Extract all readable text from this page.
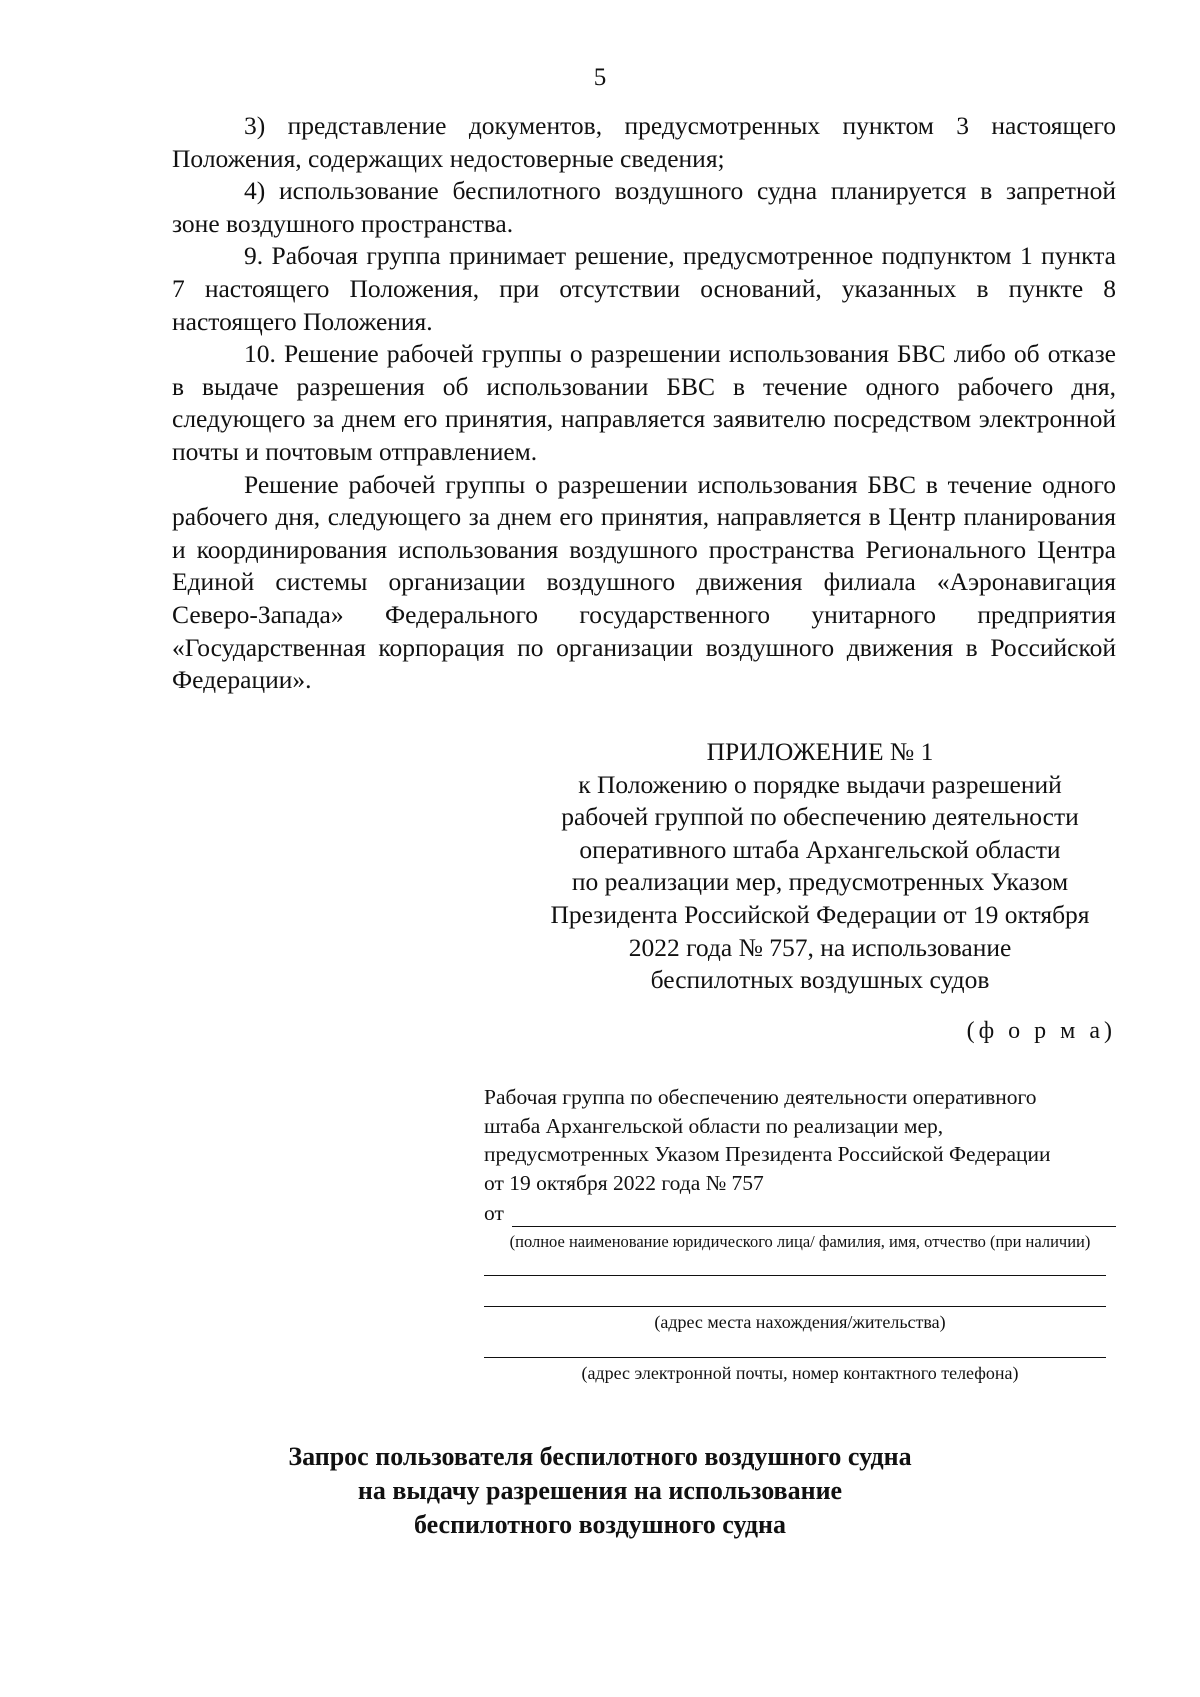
5

3) представление документов, предусмотренных пунктом 3 настоящего Положения, содержащих недостоверные сведения;

4) использование беспилотного воздушного судна планируется в запретной зоне воздушного пространства.

9. Рабочая группа принимает решение, предусмотренное подпунктом 1 пункта 7 настоящего Положения, при отсутствии оснований, указанных в пункте 8 настоящего Положения.

10. Решение рабочей группы о разрешении использования БВС либо об отказе в выдаче разрешения об использовании БВС в течение одного рабочего дня, следующего за днем его принятия, направляется заявителю посредством электронной почты и почтовым отправлением.

Решение рабочей группы о разрешении использования БВС в течение одного рабочего дня, следующего за днем его принятия, направляется в Центр планирования и координирования использования воздушного пространства Регионального Центра Единой системы организации воздушного движения филиала «Аэронавигация Северо-Запада» Федерального государственного унитарного предприятия «Государственная корпорация по организации воздушного движения в Российской Федерации».

ПРИЛОЖЕНИЕ № 1
к Положению о порядке выдачи разрешений
рабочей группой по обеспечению деятельности
оперативного штаба Архангельской области
по реализации мер, предусмотренных Указом
Президента Российской Федерации от 19 октября
2022 года № 757, на использование
беспилотных воздушных судов
(ф о р м а)
Рабочая группа по обеспечению деятельности оперативного
штаба Архангельской области по реализации мер,
предусмотренных Указом Президента Российской Федерации
от 19 октября 2022 года № 757
от
(полное наименование юридического лица/ фамилия, имя, отчество (при наличии)
(адрес места нахождения/жительства)
(адрес электронной почты, номер контактного телефона)
Запрос пользователя беспилотного воздушного судна
на выдачу разрешения на использование
беспилотного воздушного судна
